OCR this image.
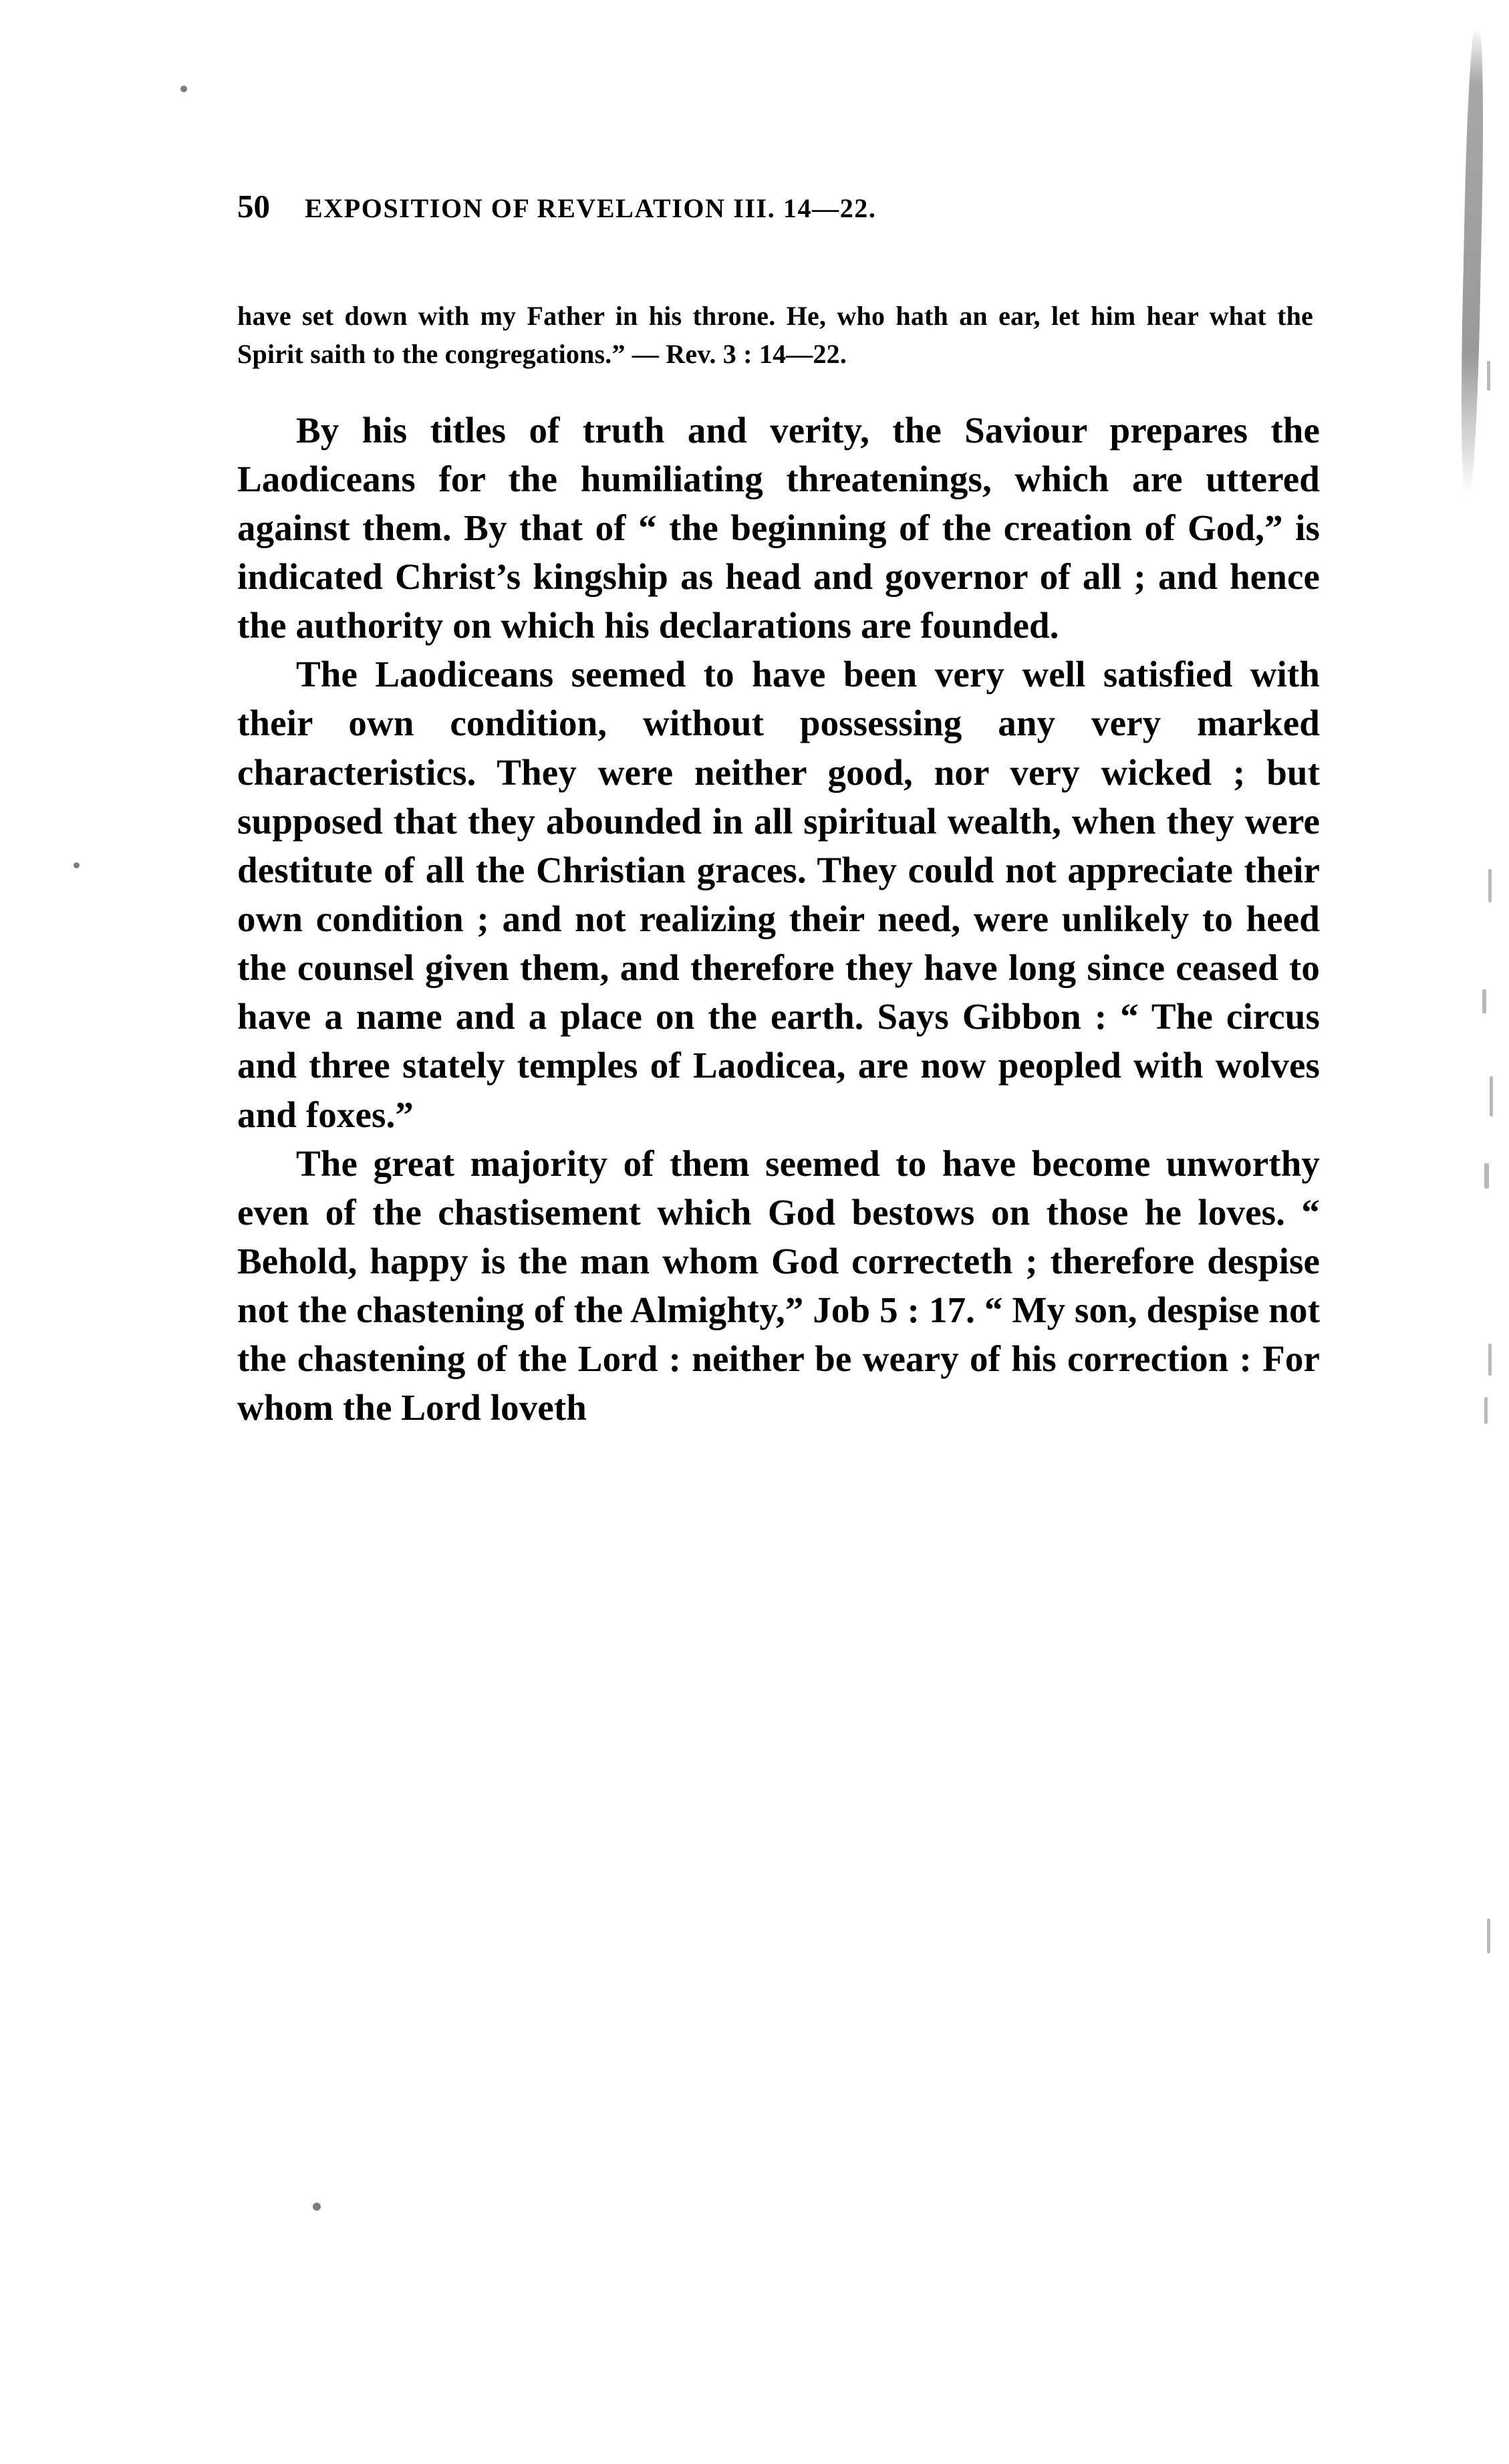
50 EXPOSITION OF REVELATION III. 14—22.
have set down with my Father in his throne. He, who hath an ear, let him hear what the Spirit saith to the congregations.” — Rev. 3 : 14—22.

By his titles of truth and verity, the Saviour prepares the Laodiceans for the humiliating threatenings, which are uttered against them. By that of “ the beginning of the creation of God,” is indicated Christ’s kingship as head and governor of all ; and hence the authority on which his declarations are founded.

The Laodiceans seemed to have been very well satisfied with their own condition, without possessing any very marked characteristics. They were neither good, nor very wicked ; but supposed that they abounded in all spiritual wealth, when they were destitute of all the Christian graces. They could not appreciate their own condition ; and not realizing their need, were unlikely to heed the counsel given them, and therefore they have long since ceased to have a name and a place on the earth. Says Gibbon : “ The circus and three stately temples of Laodicea, are now peopled with wolves and foxes.”

The great majority of them seemed to have become unworthy even of the chastisement which God bestows on those he loves. “ Behold, happy is the man whom God correcteth ; therefore despise not the chastening of the Almighty,” Job 5 : 17. “ My son, despise not the chastening of the Lord : neither be weary of his correction : For whom the Lord loveth
